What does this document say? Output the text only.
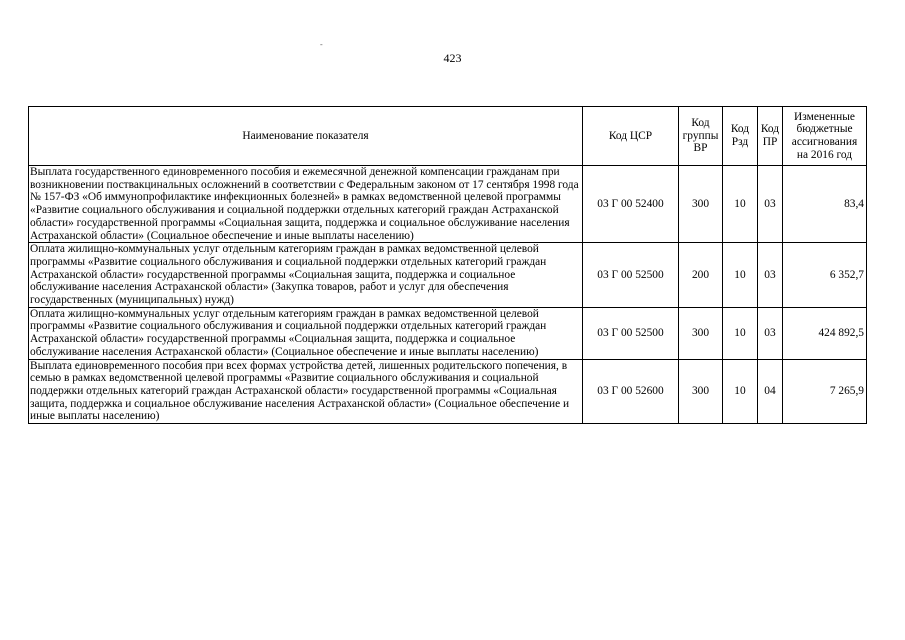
-
423
Наименование показателя	Код ЦСР	Код группы ВР	Код Рзд	Код ПР	Измененные бюджетные ассигнования на 2016 год
Выплата государственного единовременного пособия и ежемесячной денежной компенсации гражданам при возникновении поствакцинальных осложнений в соответствии с Федеральным законом от 17 сентября 1998 года № 157-ФЗ «Об иммунопрофилактике инфекционных болезней» в рамках ведомственной целевой программы «Развитие социального обслуживания и социальной поддержки отдельных категорий граждан Астраханской области» государственной программы «Социальная защита, поддержка и социальное обслуживание населения Астраханской области» (Социальное обеспечение и иные выплаты населению)	03 Г 00 52400	300	10	03	83,4
Оплата жилищно-коммунальных услуг отдельным категориям граждан в рамках ведомственной целевой программы «Развитие социального обслуживания и социальной поддержки отдельных категорий граждан Астраханской области» государственной программы «Социальная защита, поддержка и социальное обслуживание населения Астраханской области» (Закупка товаров, работ и услуг для обеспечения государственных (муниципальных) нужд)	03 Г 00 52500	200	10	03	6 352,7
Оплата жилищно-коммунальных услуг отдельным категориям граждан в рамках ведомственной целевой программы «Развитие социального обслуживания и социальной поддержки отдельных категорий граждан Астраханской области» государственной программы «Социальная защита, поддержка и социальное обслуживание населения Астраханской области» (Социальное обеспечение и иные выплаты населению)	03 Г 00 52500	300	10	03	424 892,5
Выплата единовременного пособия при всех формах устройства детей, лишенных родительского попечения, в семью в рамках ведомственной целевой программы «Развитие социального обслуживания и социальной поддержки отдельных категорий граждан Астраханской области» государственной программы «Социальная защита, поддержка и социальное обслуживание населения Астраханской области» (Социальное обеспечение и иные выплаты населению)	03 Г 00 52600	300	10	04	7 265,9
